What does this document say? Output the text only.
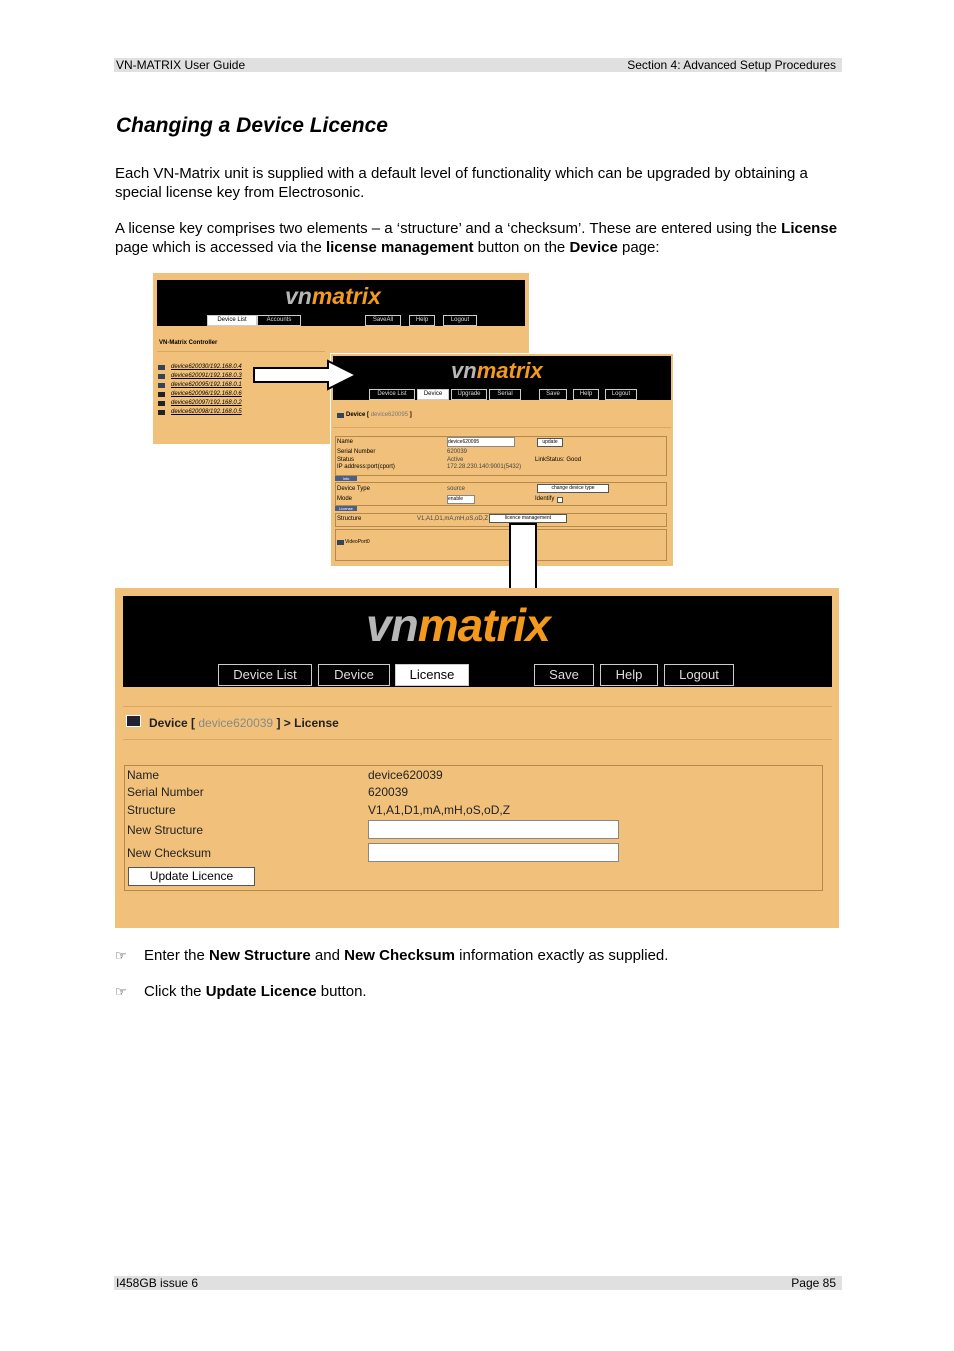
VN-MATRIX User Guide	Section 4: Advanced Setup Procedures
Changing a Device Licence

Each VN-Matrix unit is supplied with a default level of functionality which can be upgraded by obtaining a special license key from Electrosonic.

A license key comprises two elements – a ‘structure’ and a ‘checksum’. These are entered using the License page which is accessed via the license management button on the Device page:

vnmatrix
Device List	Accounts	SaveAll	Help	Logout
VN-Matrix Controller
device620030/192.168.0.4
device620091/192.168.0.3
device620095/192.168.0.1
device620096/192.168.0.6
device620097/192.168.0.2
device620098/192.168.0.5
vnmatrix
Device List	Device	Upgrade	Serial	Save	Help	Logout
Device [ device620095 ]
Name	device620095	update
Serial Number	620039
Status	Active	LinkStatus: Good
IP address:port(cport)	172.28.230.140:9001(5432)
Info
Device Type	source	change device type
Mode	enable	Identify
License
Structure	V1,A1,D1,mA,mH,oS,oD,Z	licence management
VideoPort0
vnmatrix
Device List	Device	License	Save	Help	Logout
Device [ device620039 ] > License
Name	device620039
Serial Number	620039
Structure	V1,A1,D1,mA,mH,oS,oD,Z
New Structure
New Checksum
Update Licence
☞ Enter the New Structure and New Checksum information exactly as supplied.
☞ Click the Update Licence button.
I458GB issue 6	Page 85
